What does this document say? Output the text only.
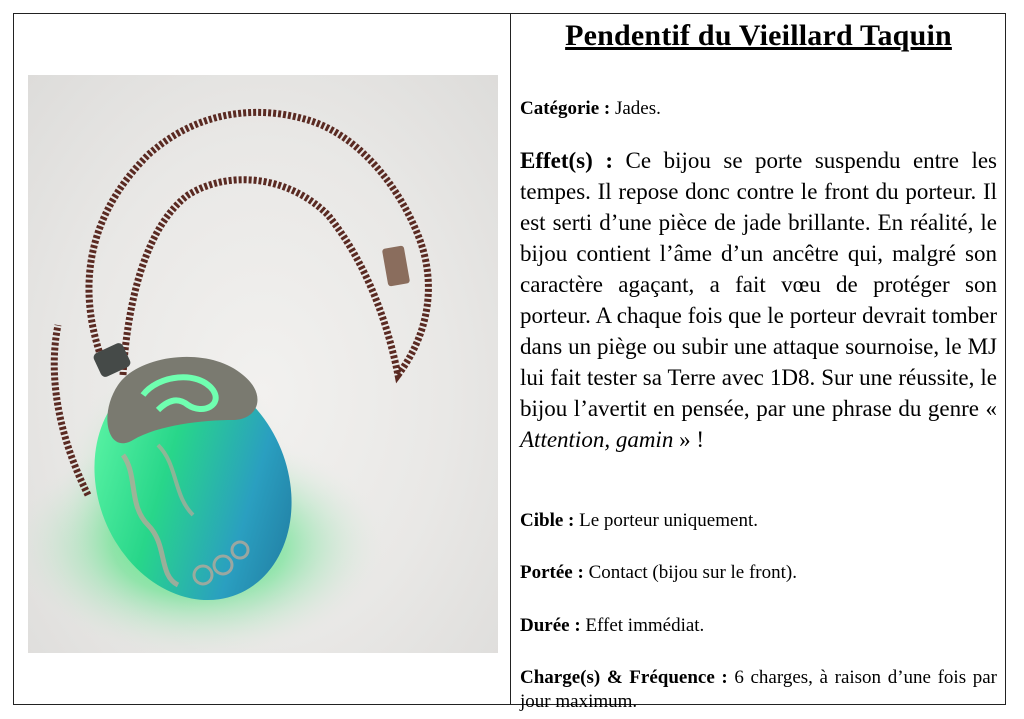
Pendentif du Vieillard Taquin

Catégorie : Jades.

Effet(s) : Ce bijou se porte suspendu entre les tempes. Il repose donc contre le front du porteur. Il est serti d’une pièce de jade brillante. En réalité, le bijou contient l’âme d’un ancêtre qui, malgré son caractère agaçant, a fait vœu de protéger son porteur. A chaque fois que le porteur devrait tomber dans un piège ou subir une attaque sournoise, le MJ lui fait tester sa Terre avec 1D8. Sur une réussite, le bijou l’avertit en pensée, par une phrase du genre « Attention, gamin » !

Cible : Le porteur uniquement.

Portée : Contact (bijou sur le front).

Durée : Effet immédiat.

Charge(s) & Fréquence : 6 charges, à raison d’une fois par jour maximum.
